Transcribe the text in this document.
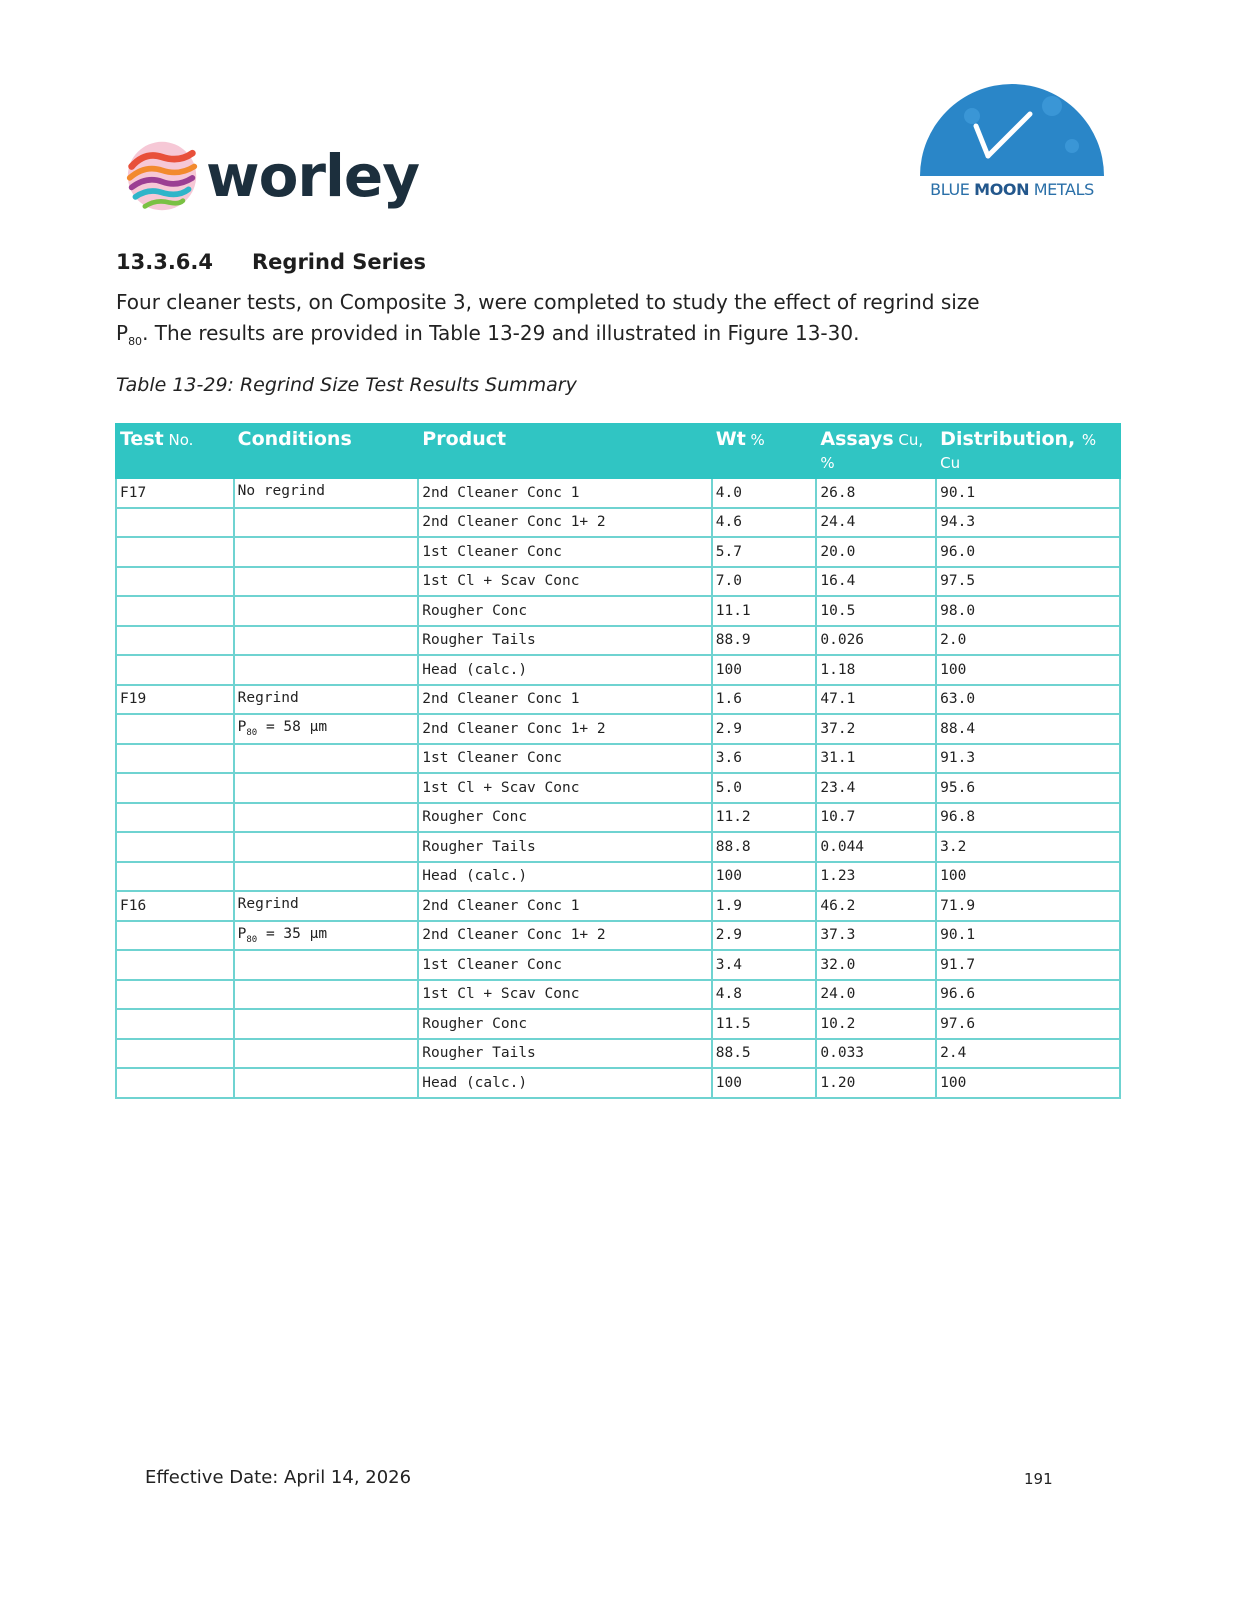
worley	BLUE MOON METALS
13.3.6.4 Regrind Series
Four cleaner tests, on Composite 3, were completed to study the effect of regrind size
$P_{80}$. The results are provided in Table 13-29 and illustrated in Figure 13-30.
Table 13-29: Regrind Size Test Results Summary
Test No.	Conditions	Product	Wt %	Assays Cu, %	Distribution, % Cu
F17	No regrind	2nd Cleaner Conc 1	4.0	26.8	90.1
		2nd Cleaner Conc 1+ 2	4.6	24.4	94.3
		1st Cleaner Conc	5.7	20.0	96.0
		1st Cl + Scav Conc	7.0	16.4	97.5
		Rougher Conc	11.1	10.5	98.0
		Rougher Tails	88.9	0.026	2.0
		Head (calc.)	100	1.18	100
F19	Regrind	2nd Cleaner Conc 1	1.6	47.1	63.0
	$P_{80} = 58$ µm	2nd Cleaner Conc 1+ 2	2.9	37.2	88.4
		1st Cleaner Conc	3.6	31.1	91.3
		1st Cl + Scav Conc	5.0	23.4	95.6
		Rougher Conc	11.2	10.7	96.8
		Rougher Tails	88.8	0.044	3.2
		Head (calc.)	100	1.23	100
F16	Regrind	2nd Cleaner Conc 1	1.9	46.2	71.9
	$P_{80} = 35$ µm	2nd Cleaner Conc 1+ 2	2.9	37.3	90.1
		1st Cleaner Conc	3.4	32.0	91.7
		1st Cl + Scav Conc	4.8	24.0	96.6
		Rougher Conc	11.5	10.2	97.6
		Rougher Tails	88.5	0.033	2.4
		Head (calc.)	100	1.20	100
Effective Date: April 14, 2026	191
